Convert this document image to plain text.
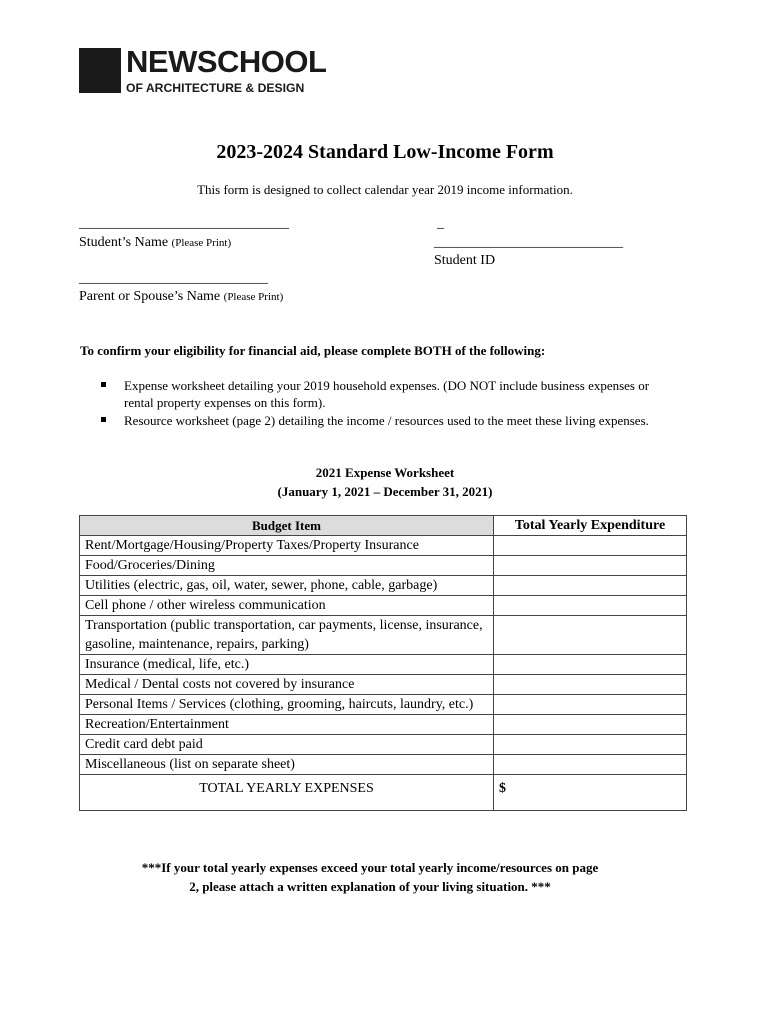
NEWSCHOOL
OF ARCHITECTURE & DESIGN
2023-2024 Standard Low-Income Form
This form is designed to collect calendar year 2019 income information.
______________________________
Student’s Name (Please Print)
_
___________________________
Student ID
___________________________
Parent or Spouse’s Name (Please Print)
To confirm your eligibility for financial aid, please complete BOTH of the following:
Expense worksheet detailing your 2019 household expenses. (DO NOT include business expenses or rental property expenses on this form).
Resource worksheet (page 2) detailing the income / resources used to the meet these living expenses.
2021 Expense Worksheet
(January 1, 2021 – December 31, 2021)
Budget Item	Total Yearly Expenditure
Rent/Mortgage/Housing/Property Taxes/Property Insurance	
Food/Groceries/Dining	
Utilities (electric, gas, oil, water, sewer, phone, cable, garbage)	
Cell phone / other wireless communication	
Transportation (public transportation, car payments, license, insurance, gasoline, maintenance, repairs, parking)	
Insurance (medical, life, etc.)	
Medical / Dental costs not covered by insurance	
Personal Items / Services (clothing, grooming, haircuts, laundry, etc.)	
Recreation/Entertainment	
Credit card debt paid	
Miscellaneous (list on separate sheet)	
TOTAL YEARLY EXPENSES	$
***If your total yearly expenses exceed your total yearly income/resources on page
2, please attach a written explanation of your living situation. ***
